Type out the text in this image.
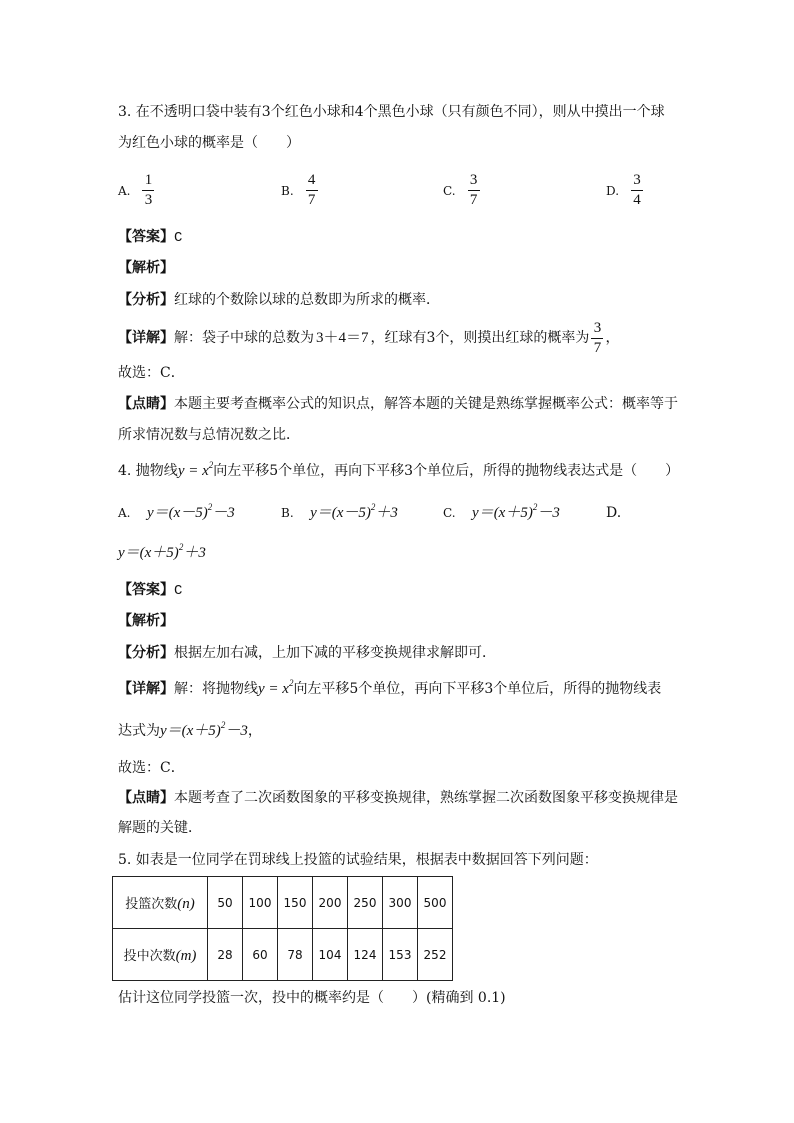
3. 在不透明口袋中装有3个红色小球和4个黑色小球（只有颜色不同），则从中摸出一个球
为红色小球的概率是（　　）
A. $\frac{1}{3}$	B. $\frac{4}{7}$	C. $\frac{3}{7}$	D. $\frac{3}{4}$
【答案】C
【解析】
【分析】红球的个数除以球的总数即为所求的概率．
【详解】 解：袋子中球的总数为 3＋4＝7 ，红球有3个，则摸出红球的概率为 $\frac{3}{7}$ ，
故选：C．
【点睛】本题主要考查概率公式的知识点，解答本题的关键是熟练掌握概率公式：概率等于
所求情况数与总情况数之比．
4. 抛物线$y = x^2$向左平移5个单位，再向下平移3个单位后，所得的抛物线表达式是（　　）
A. $y=(x-5)^2-3$	B. $y=(x-5)^2+3$	C. $y=(x+5)^2-3$	D.
$y=(x+5)^2+3$
【答案】C
【解析】
【分析】根据左加右减，上加下减的平移变换规律求解即可．
【详解】解：将抛物线$y = x^2$向左平移5个单位，再向下平移3个单位后，所得的抛物线表
达式为$y=(x+5)^2-3$，
故选：C．
【点睛】本题考查了二次函数图象的平移变换规律，熟练掌握二次函数图象平移变换规律是
解题的关键．
5. 如表是一位同学在罚球线上投篮的试验结果，根据表中数据回答下列问题：
投篮次数(n)	50	100	150	200	250	300	500
投中次数(m)	28	60	78	104	124	153	252
估计这位同学投篮一次，投中的概率约是（　　）(精确到 0.1)
